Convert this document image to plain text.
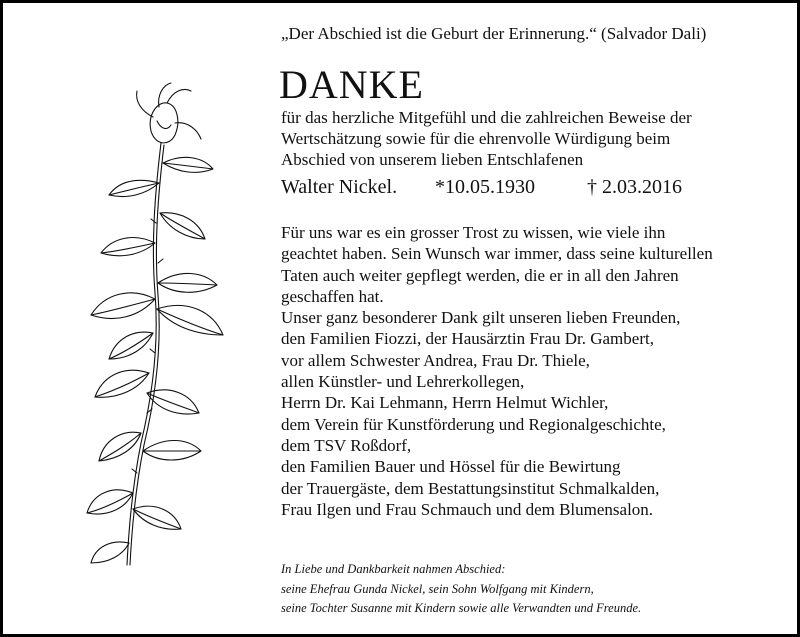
„Der Abschied ist die Geburt der Erinnerung.“ (Salvador Dali)
DANKE
für das herzliche Mitgefühl und die zahlreichen Beweise der
Wertschätzung sowie für die ehrenvolle Würdigung beim
Abschied von unserem lieben Entschlafenen
Walter Nickel. *10.05.1930	† 2.03.2016
Für uns war es ein grosser Trost zu wissen, wie viele ihn
geachtet haben. Sein Wunsch war immer, dass seine kulturellen
Taten auch weiter gepflegt werden, die er in all den Jahren
geschaffen hat.
Unser ganz besonderer Dank gilt unseren lieben Freunden,
den Familien Fiozzi, der Hausärztin Frau Dr. Gambert,
vor allem Schwester Andrea, Frau Dr. Thiele,
allen Künstler- und Lehrerkollegen,
Herrn Dr. Kai Lehmann, Herrn Helmut Wichler,
dem Verein für Kunstförderung und Regionalgeschichte,
dem TSV Roßdorf,
den Familien Bauer und Hössel für die Bewirtung
der Trauergäste, dem Bestattungsinstitut Schmalkalden,
Frau Ilgen und Frau Schmauch und dem Blumensalon.
In Liebe und Dankbarkeit nahmen Abschied:
seine Ehefrau Gunda Nickel, sein Sohn Wolfgang mit Kindern,
seine Tochter Susanne mit Kindern sowie alle Verwandten und Freunde.
